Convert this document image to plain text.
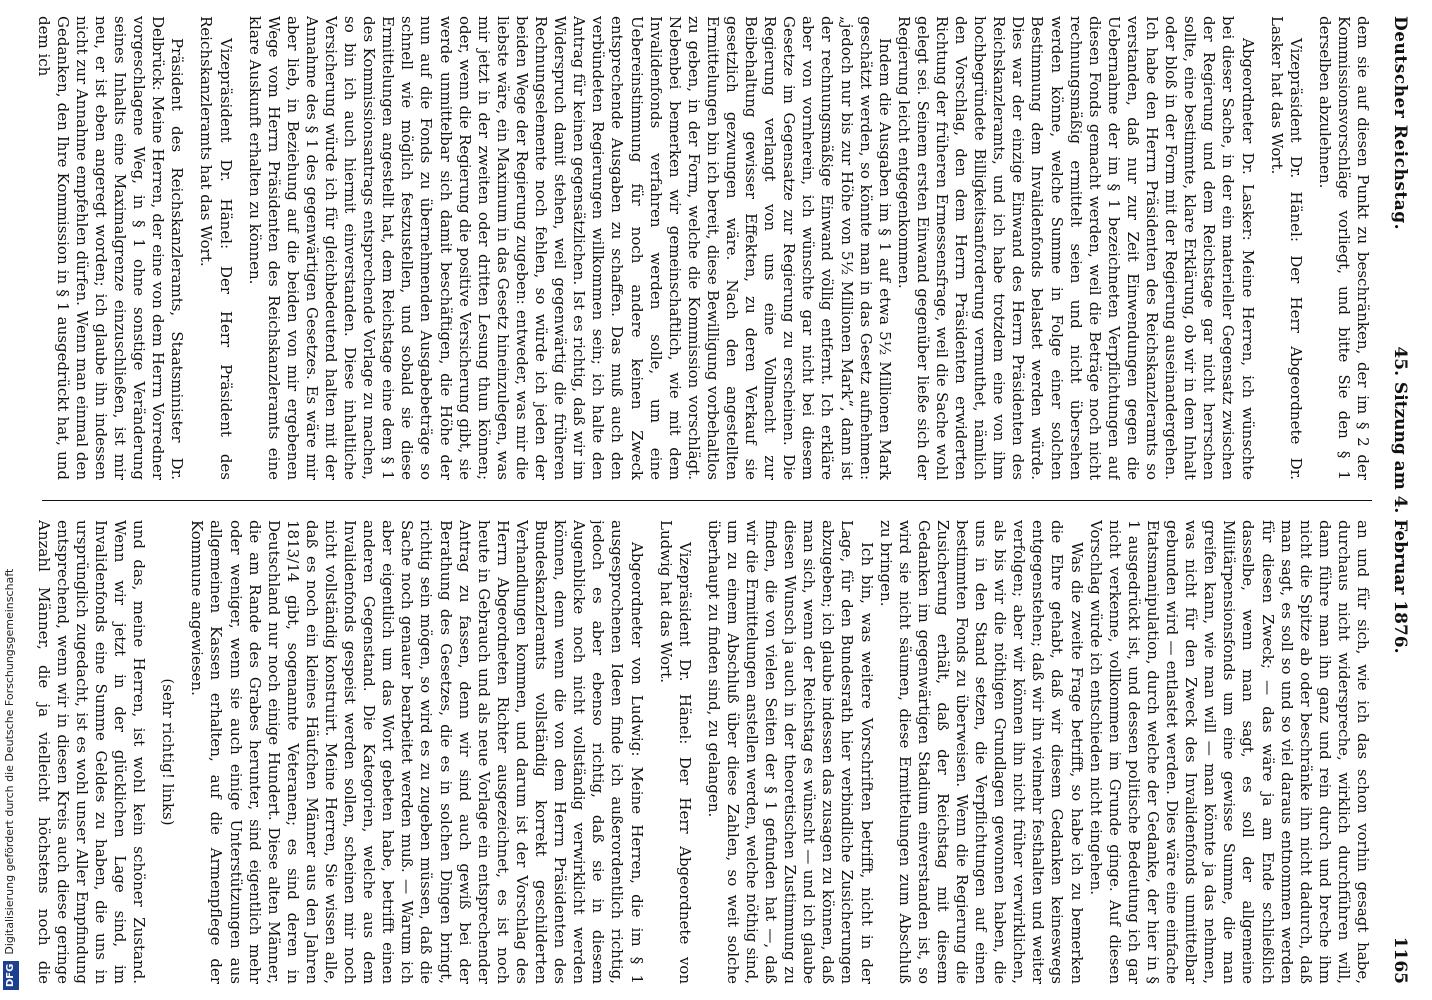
Deutscher Reichstag.
45. Sitzung am 4. Februar 1876.
1165

dem sie auf diesen Punkt zu beschränken, der im § 2 der Kommissionsvorschläge vorliegt, und bitte Sie den § 1 derselben abzulehnen.

Vizepräsident Dr. Hänel: Der Herr Abgeordnete Dr. Lasker hat das Wort.

Abgeordneter Dr. Lasker: Meine Herren, ich wünschte bei dieser Sache, in der ein materieller Gegensatz zwischen der Regierung und dem Reichstage gar nicht herrschen sollte, eine bestimmte, klare Erklärung, ob wir in dem Inhalt oder bloß in der Form mit der Regierung auseinandergehen. Ich habe den Herrn Präsidenten des Reichskanzleramts so verstanden, daß nur zur Zeit Einwendungen gegen die Uebernahme der im § 1 bezeichneten Verpflichtungen auf diesen Fonds gemacht werden, weil die Beträge noch nicht rechnungsmäßig ermittelt seien und nicht übersehen werden könne, welche Summe in Folge einer solchen Bestimmung dem Invalidenfonds belastet werden würde. Dies war der einzige Einwand des Herrn Präsidenten des Reichskanzleramts, und ich habe trotzdem eine von ihm hochbegründete Billigkeitsanforderung vermuthet, nämlich den Vorschlag, den dem Herrn Präsidenten erwiderten Richtung der früheren Ermessensfrage, weil die Sache wohl gelegt sei. Seinem ersten Einwand gegenüber ließe sich der Regierung leicht entgegenkommen.

Indem die Ausgaben im § 1 auf etwa 5½ Millionen Mark geschätzt werden, so könnte man in das Gesetz aufnehmen: „jedoch nur bis zur Höhe von 5½ Millionen Mark“, dann ist der rechnungsmäßige Einwand völlig entfernt. Ich erkläre aber von vornherein, ich wünschte gar nicht bei diesem Gesetze im Gegensatze zur Regierung zu erscheinen. Die Regierung verlangt von uns eine Vollmacht zur Beibehaltung gewisser Effekten, zu deren Verkauf sie gesetzlich gezwungen wäre. Nach den angestellten Ermittelungen bin ich bereit, diese Bewilligung vorbehaltlos zu geben, in der Form, welche die Kommission vorschlägt. Nebenbei bemerken wir gemeinschaftlich, wie mit dem Invalidenfonds verfahren werden solle, um eine Uebereinstimmung für noch andere keinen Zweck entsprechende Ausgaben zu schaffen. Das muß auch den verbündeten Regierungen willkommen sein; ich halte den Antrag für keinen gegensätzlichen. Ist es richtig, daß wir im Widerspruch damit stehen, weil gegenwärtig die früheren Rechnungselemente noch fehlen, so würde ich jeden der beiden Wege der Regierung zugeben: entweder, was mir die liebste wäre, ein Maximum in das Gesetz hineinzulegen, was mir jetzt in der zweiten oder dritten Lesung thun können; oder, wenn die Regierung die positive Versicherung gibt, sie werde unmittelbar sich damit beschäftigen, die Höhe der nun auf die Fonds zu übernehmenden Ausgabebeträge so schnell wie möglich festzustellen, und sobald sie diese Ermittelungen angestellt hat, dem Reichstage eine dem § 1 des Kommissionsantrags entsprechende Vorlage zu machen, so bin ich auch hiermit einverstanden. Diese inhaltliche Versicherung würde ich für gleichbedeutend halten mit der Annahme des § 1 des gegenwärtigen Gesetzes. Es wäre mir aber lieb, in Beziehung auf die beiden von mir ergebenen Wege vom Herrn Präsidenten des Reichskanzleramts eine klare Auskunft erhalten zu können.

Vizepräsident Dr. Hänel: Der Herr Präsident des Reichskanzleramts hat das Wort.

Präsident des Reichskanzleramts, Staatsminister Dr. Delbrück: Meine Herren, der eine von dem Herrn Vorredner vorgeschlagene Weg, in § 1 ohne sonstige Veränderung seines Inhalts eine Maximalgrenze einzuschließen, ist mir neu, er ist eben angeregt worden; ich glaube ihn indessen nicht zur Annahme empfehlen dürfen. Wenn man einmal den Gedanken, den Ihre Kommission in § 1 ausgedrückt hat, und dem ich

an und für sich, wie ich das schon vorhin gesagt habe, durchaus nicht widerspreche, wirklich durchführen will, dann führe man ihn ganz und rein durch und breche ihm nicht die Spitze ab oder beschränke ihn nicht dadurch, daß man sagt, es soll so und so viel daraus entnommen werden für diesen Zweck; — das wäre ja am Ende schließlich dasselbe, wenn man sagt, es soll der allgemeine Militärpensionsfonds um eine gewisse Summe, die man greifen kann, wie man will — man könnte ja das nehmen, was nicht für den Zweck des Invalidenfonds unmittelbar gebunden wird — entlastet werden. Dies wäre eine einfache Etatsmanipulation, durch welche der Gedanke, der hier in § 1 ausgedrückt ist, und dessen politische Bedeutung ich gar nicht verkenne, vollkommen im Grunde ginge. Auf diesen Vorschlag würde ich entschieden nicht eingehen.

Was die zweite Frage betrifft, so habe ich zu bemerken die Ehre gehabt, daß wir diesem Gedanken keineswegs entgegenstehen; daß wir ihn vielmehr festhalten und weiter verfolgen; aber wir können ihn nicht früher verwirklichen, als bis wir die nöthigen Grundlagen gewonnen haben, die uns in den Stand setzen, die Verpflichtungen auf einen bestimmten Fonds zu überweisen. Wenn die Regierung die Zusicherung erhält, daß der Reichstag mit diesem Gedanken im gegenwärtigen Stadium einverstanden ist, so wird sie nicht säumen, diese Ermittelungen zum Abschluß zu bringen.

Ich bin, was weitere Vorschriften betrifft, nicht in der Lage, für den Bundesrath hier verbindliche Zusicherungen abzugeben; ich glaube indessen das zusagen zu können, daß man sich, wenn der Reichstag es wünscht — und ich glaube diesen Wunsch ja auch in der theoretischen Zustimmung zu finden, die von vielen Seiten der § 1 gefunden hat —, daß wir die Ermittelungen anstellen werden, welche nöthig sind, um zu einem Abschluß über diese Zahlen, so weit solche überhaupt zu finden sind, zu gelangen.

Vizepräsident Dr. Hänel: Der Herr Abgeordnete von Ludwig hat das Wort.

Abgeordneter von Ludwig: Meine Herren, die im § 1 ausgesprochenen Ideen finde ich außerordentlich richtig, jedoch es aber ebenso richtig, daß sie in diesem Augenblicke noch nicht vollständig verwirklicht werden können, denn wenn die von dem Herrn Präsidenten des Bundeskanzleramts vollständig korrekt geschilderten Verhandlungen kommen, und darum ist der Vorschlag des Herrn Abgeordneten Richter ausgezeichnet, es ist noch heute in Gebrauch und als neue Vorlage ein entsprechender Antrag zu fassen, denn wir sind auch gewiß bei der Berathung des Gesetzes, die es in solchen Dingen bringt, richtig sein mögen, so wird es zu zugeben müssen, daß die Sache noch genauer bearbeitet werden muß. — Warum ich aber eigentlich um das Wort gebeten habe, betrifft einen anderen Gegenstand. Die Kategorien, welche aus dem Invalidenfonds gespeist werden sollen, scheinen mir noch nicht vollständig konstruirt. Meine Herren, Sie wissen alle, daß es noch ein kleines Häufchen Männer aus den Jahren 1813/14 gibt, sogenannte Veteranen; es sind deren in Deutschland nur noch einige Hundert. Diese alten Männer, die am Rande des Grabes herunter, sind eigentlich mehr oder weniger, wenn sie auch einige Unterstützungen aus allgemeinen Kassen erhalten, auf die Armenpflege der Kommune angewiesen.

(sehr richtig! links)

und das, meine Herren, ist wohl kein schöner Zustand. Wenn wir jetzt in der glücklichen Lage sind, im Invalidenfonds eine Summe Geldes zu haben, die uns in ursprünglich zugedacht, ist es wohl unser Aller Empfindung entsprechend, wenn wir in diesen Kreis auch diese geringe Anzahl Männer, die ja vielleicht höchstens noch die

DFGDigitalisierung gefördert durch die Deutsche Forschungsgemeinschaft
